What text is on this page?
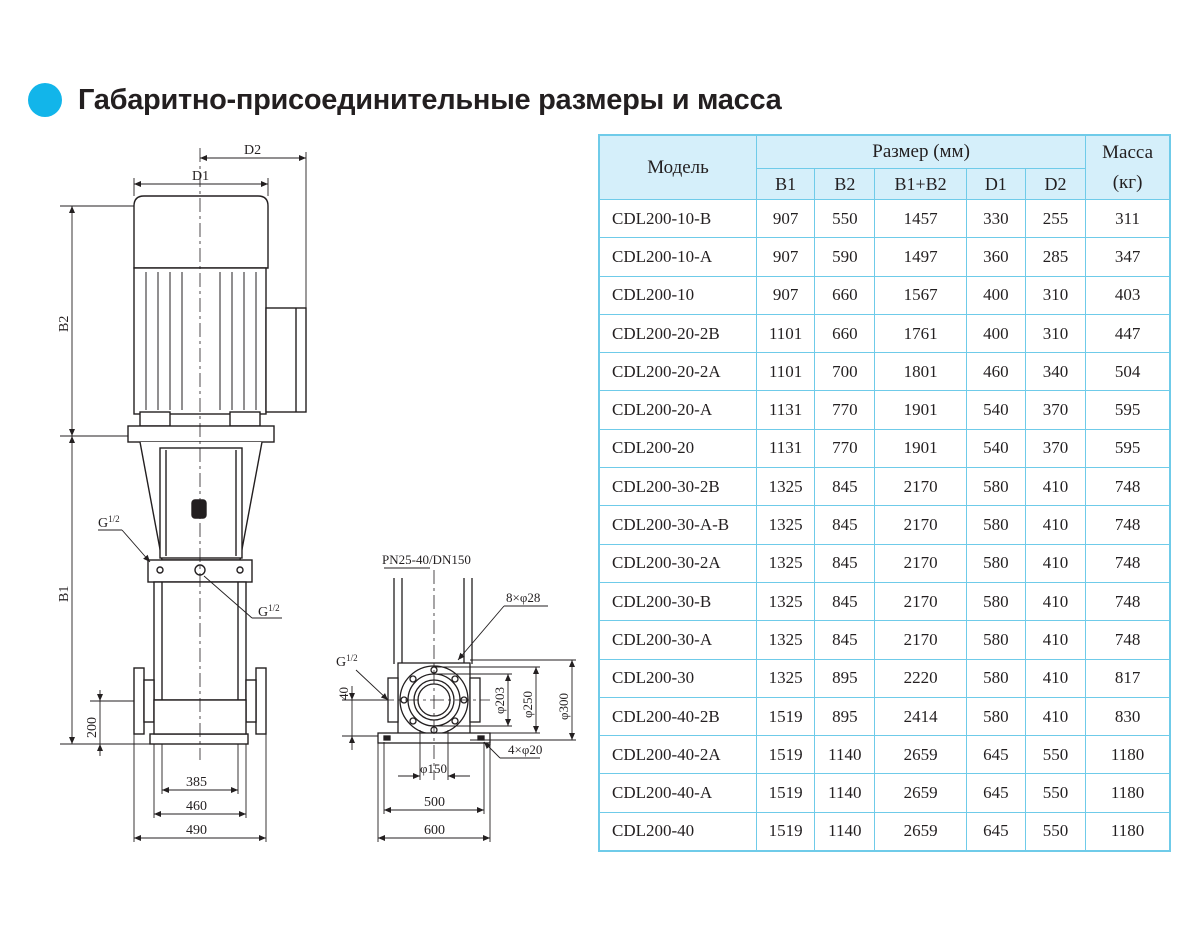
Габаритно-присоединительные размеры и масса
D2
D1
B2
B1
200
$G^{1/2}$
$G^{1/2}$
385
460
490
PN25-40/DN150
8×φ28
$G^{1/2}$
40	φ203 φ250 φ300
4×φ20
φ150
500
600
Модель	Размер (мм)					Масса (кг)
	B1	B2	B1+B2	D1	D2	
CDL200-10-B	907	550	1457	330	255	311
CDL200-10-A	907	590	1497	360	285	347
CDL200-10	907	660	1567	400	310	403
CDL200-20-2B	1101	660	1761	400	310	447
CDL200-20-2A	1101	700	1801	460	340	504
CDL200-20-A	1131	770	1901	540	370	595
CDL200-20	1131	770	1901	540	370	595
CDL200-30-2B	1325	845	2170	580	410	748
CDL200-30-A-B	1325	845	2170	580	410	748
CDL200-30-2A	1325	845	2170	580	410	748
CDL200-30-B	1325	845	2170	580	410	748
CDL200-30-A	1325	845	2170	580	410	748
CDL200-30	1325	895	2220	580	410	817
CDL200-40-2B	1519	895	2414	580	410	830
CDL200-40-2A	1519	1140	2659	645	550	1180
CDL200-40-A	1519	1140	2659	645	550	1180
CDL200-40	1519	1140	2659	645	550	1180
